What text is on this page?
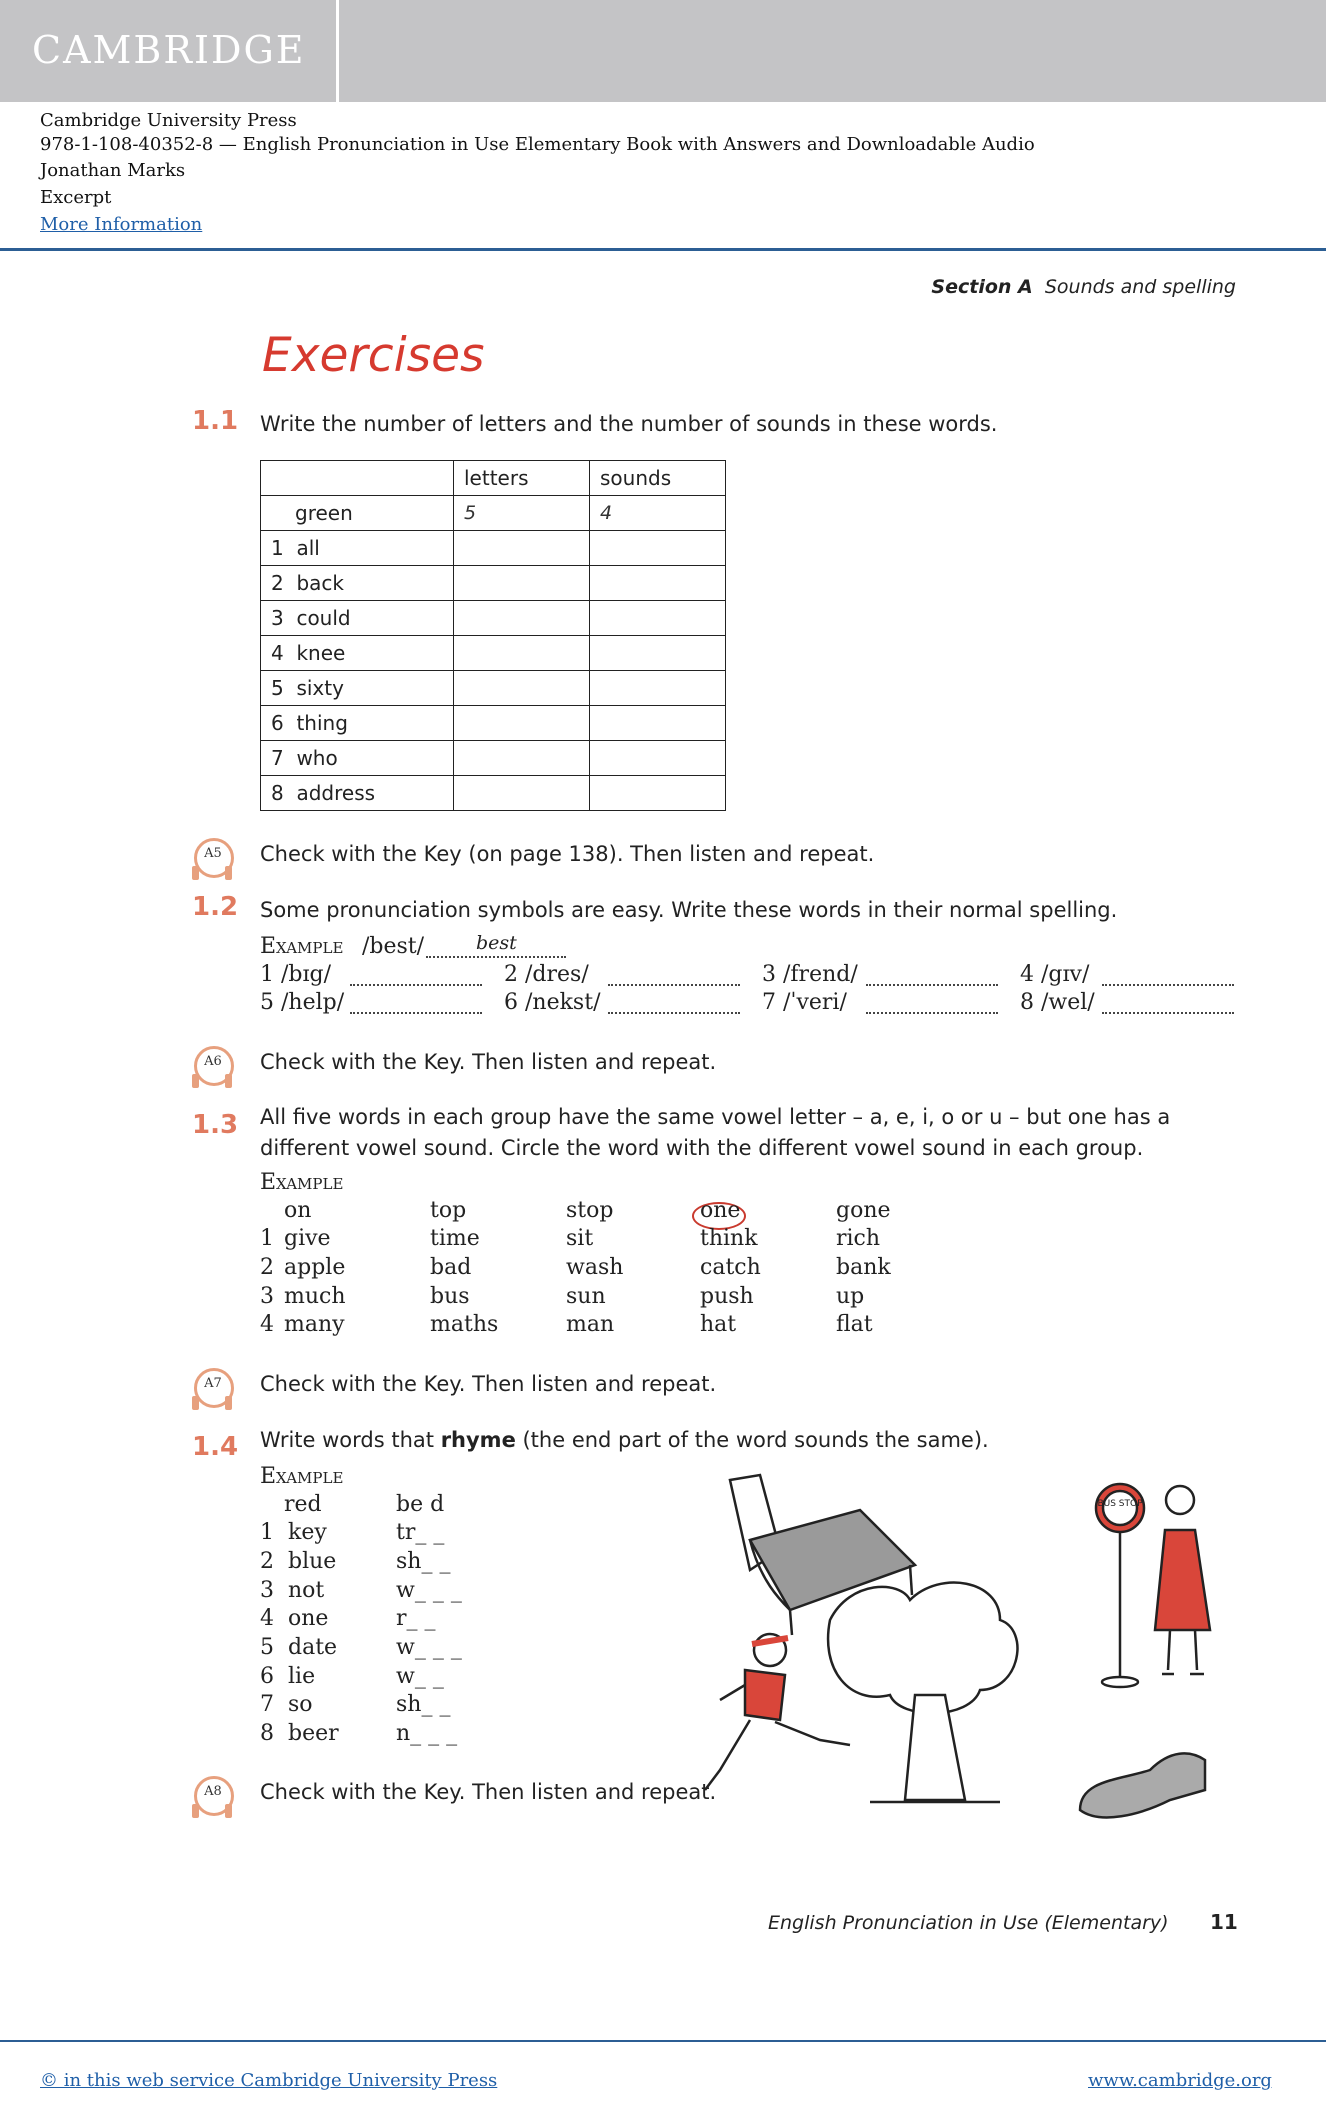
CAMBRIDGE
Cambridge University Press
978-1-108-40352-8 — English Pronunciation in Use Elementary Book with Answers and Downloadable Audio
Jonathan Marks
Excerpt
More Information
Section A Sounds and spelling
Exercises
1.1 Write the number of letters and the number of sounds in these words.
	letters	sounds
green	5	4
1 all		
2 back		
3 could		
4 knee		
5 sixty		
6 thing		
7 who		
8 address		
A5	Check with the Key (on page 138). Then listen and repeat.
1.2 Some pronunciation symbols are easy. Write these words in their normal spelling.
Example /best/	best
1 /bɪg/	2 /dres/	3 /frend/	4 /gɪv/
5 /help/	6 /nekst/	7 /ˈveri/	8 /wel/
A6	Check with the Key. Then listen and repeat.
1.3 All five words in each group have the same vowel letter – a, e, i, o or u – but one has a different vowel sound. Circle the word with the different vowel sound in each group.
Example
on	top	stop	one	gone
1 give	time	sit	think	rich
2 apple	bad	wash	catch	bank
3 much	bus	sun	push	up
4 many	maths	man	hat	flat
A7	Check with the Key. Then listen and repeat.
1.4 Write words that rhyme (the end part of the word sounds the same).
Example
red	be d
1 key	tr_ _
2 blue	sh_ _
3 not	w_ _ _
4 one	r_ _
5 date	w_ _ _
6 lie	w_ _
7 so	sh_ _
8 beer	n_ _ _
BUS STOP
A8	Check with the Key. Then listen and repeat.
English Pronunciation in Use (Elementary) 11
© in this web service Cambridge University Press	www.cambridge.org
